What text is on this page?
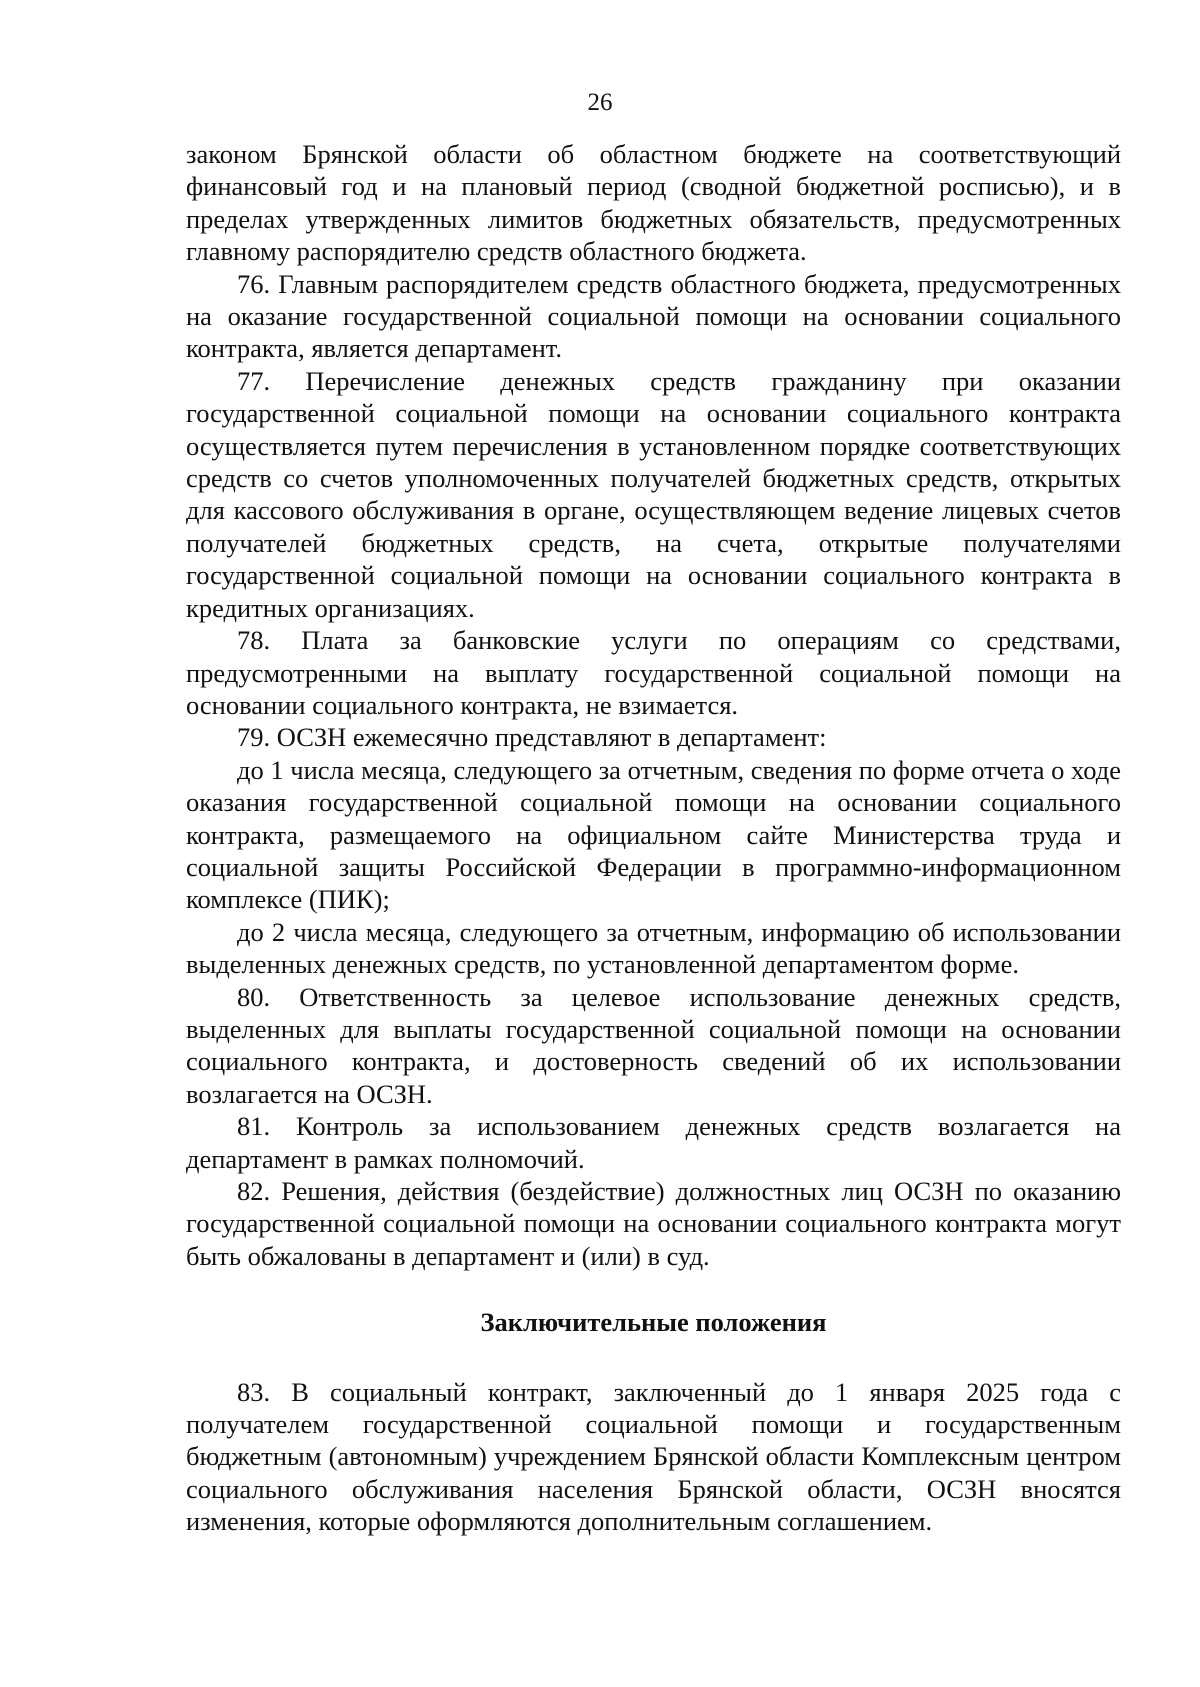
26

законом Брянской области об областном бюджете на соответствующий финансовый год и на плановый период (сводной бюджетной росписью), и в пределах утвержденных лимитов бюджетных обязательств, предусмотренных главному распорядителю средств областного бюджета.

76. Главным распорядителем средств областного бюджета, предусмотренных на оказание государственной социальной помощи на основании социального контракта, является департамент.

77. Перечисление денежных средств гражданину при оказании государственной социальной помощи на основании социального контракта осуществляется путем перечисления в установленном порядке соответствующих средств со счетов уполномоченных получателей бюджетных средств, открытых для кассового обслуживания в органе, осуществляющем ведение лицевых счетов получателей бюджетных средств, на счета, открытые получателями государственной социальной помощи на основании социального контракта в кредитных организациях.

78. Плата за банковские услуги по операциям со средствами, предусмотренными на выплату государственной социальной помощи на основании социального контракта, не взимается.

79. ОСЗН ежемесячно представляют в департамент:

до 1 числа месяца, следующего за отчетным, сведения по форме отчета о ходе оказания государственной социальной помощи на основании социального контракта, размещаемого на официальном сайте Министерства труда и социальной защиты Российской Федерации в программно-информационном комплексе (ПИК);

до 2 числа месяца, следующего за отчетным, информацию об использовании выделенных денежных средств, по установленной департаментом форме.

80. Ответственность за целевое использование денежных средств, выделенных для выплаты государственной социальной помощи на основании социального контракта, и достоверность сведений об их использовании возлагается на ОСЗН.

81. Контроль за использованием денежных средств возлагается на департамент в рамках полномочий.

82. Решения, действия (бездействие) должностных лиц ОСЗН по оказанию государственной социальной помощи на основании социального контракта могут быть обжалованы в департамент и (или) в суд.

Заключительные положения

83. В социальный контракт, заключенный до 1 января 2025 года с получателем государственной социальной помощи и государственным бюджетным (автономным) учреждением Брянской области Комплексным центром социального обслуживания населения Брянской области, ОСЗН вносятся изменения, которые оформляются дополнительным соглашением.
